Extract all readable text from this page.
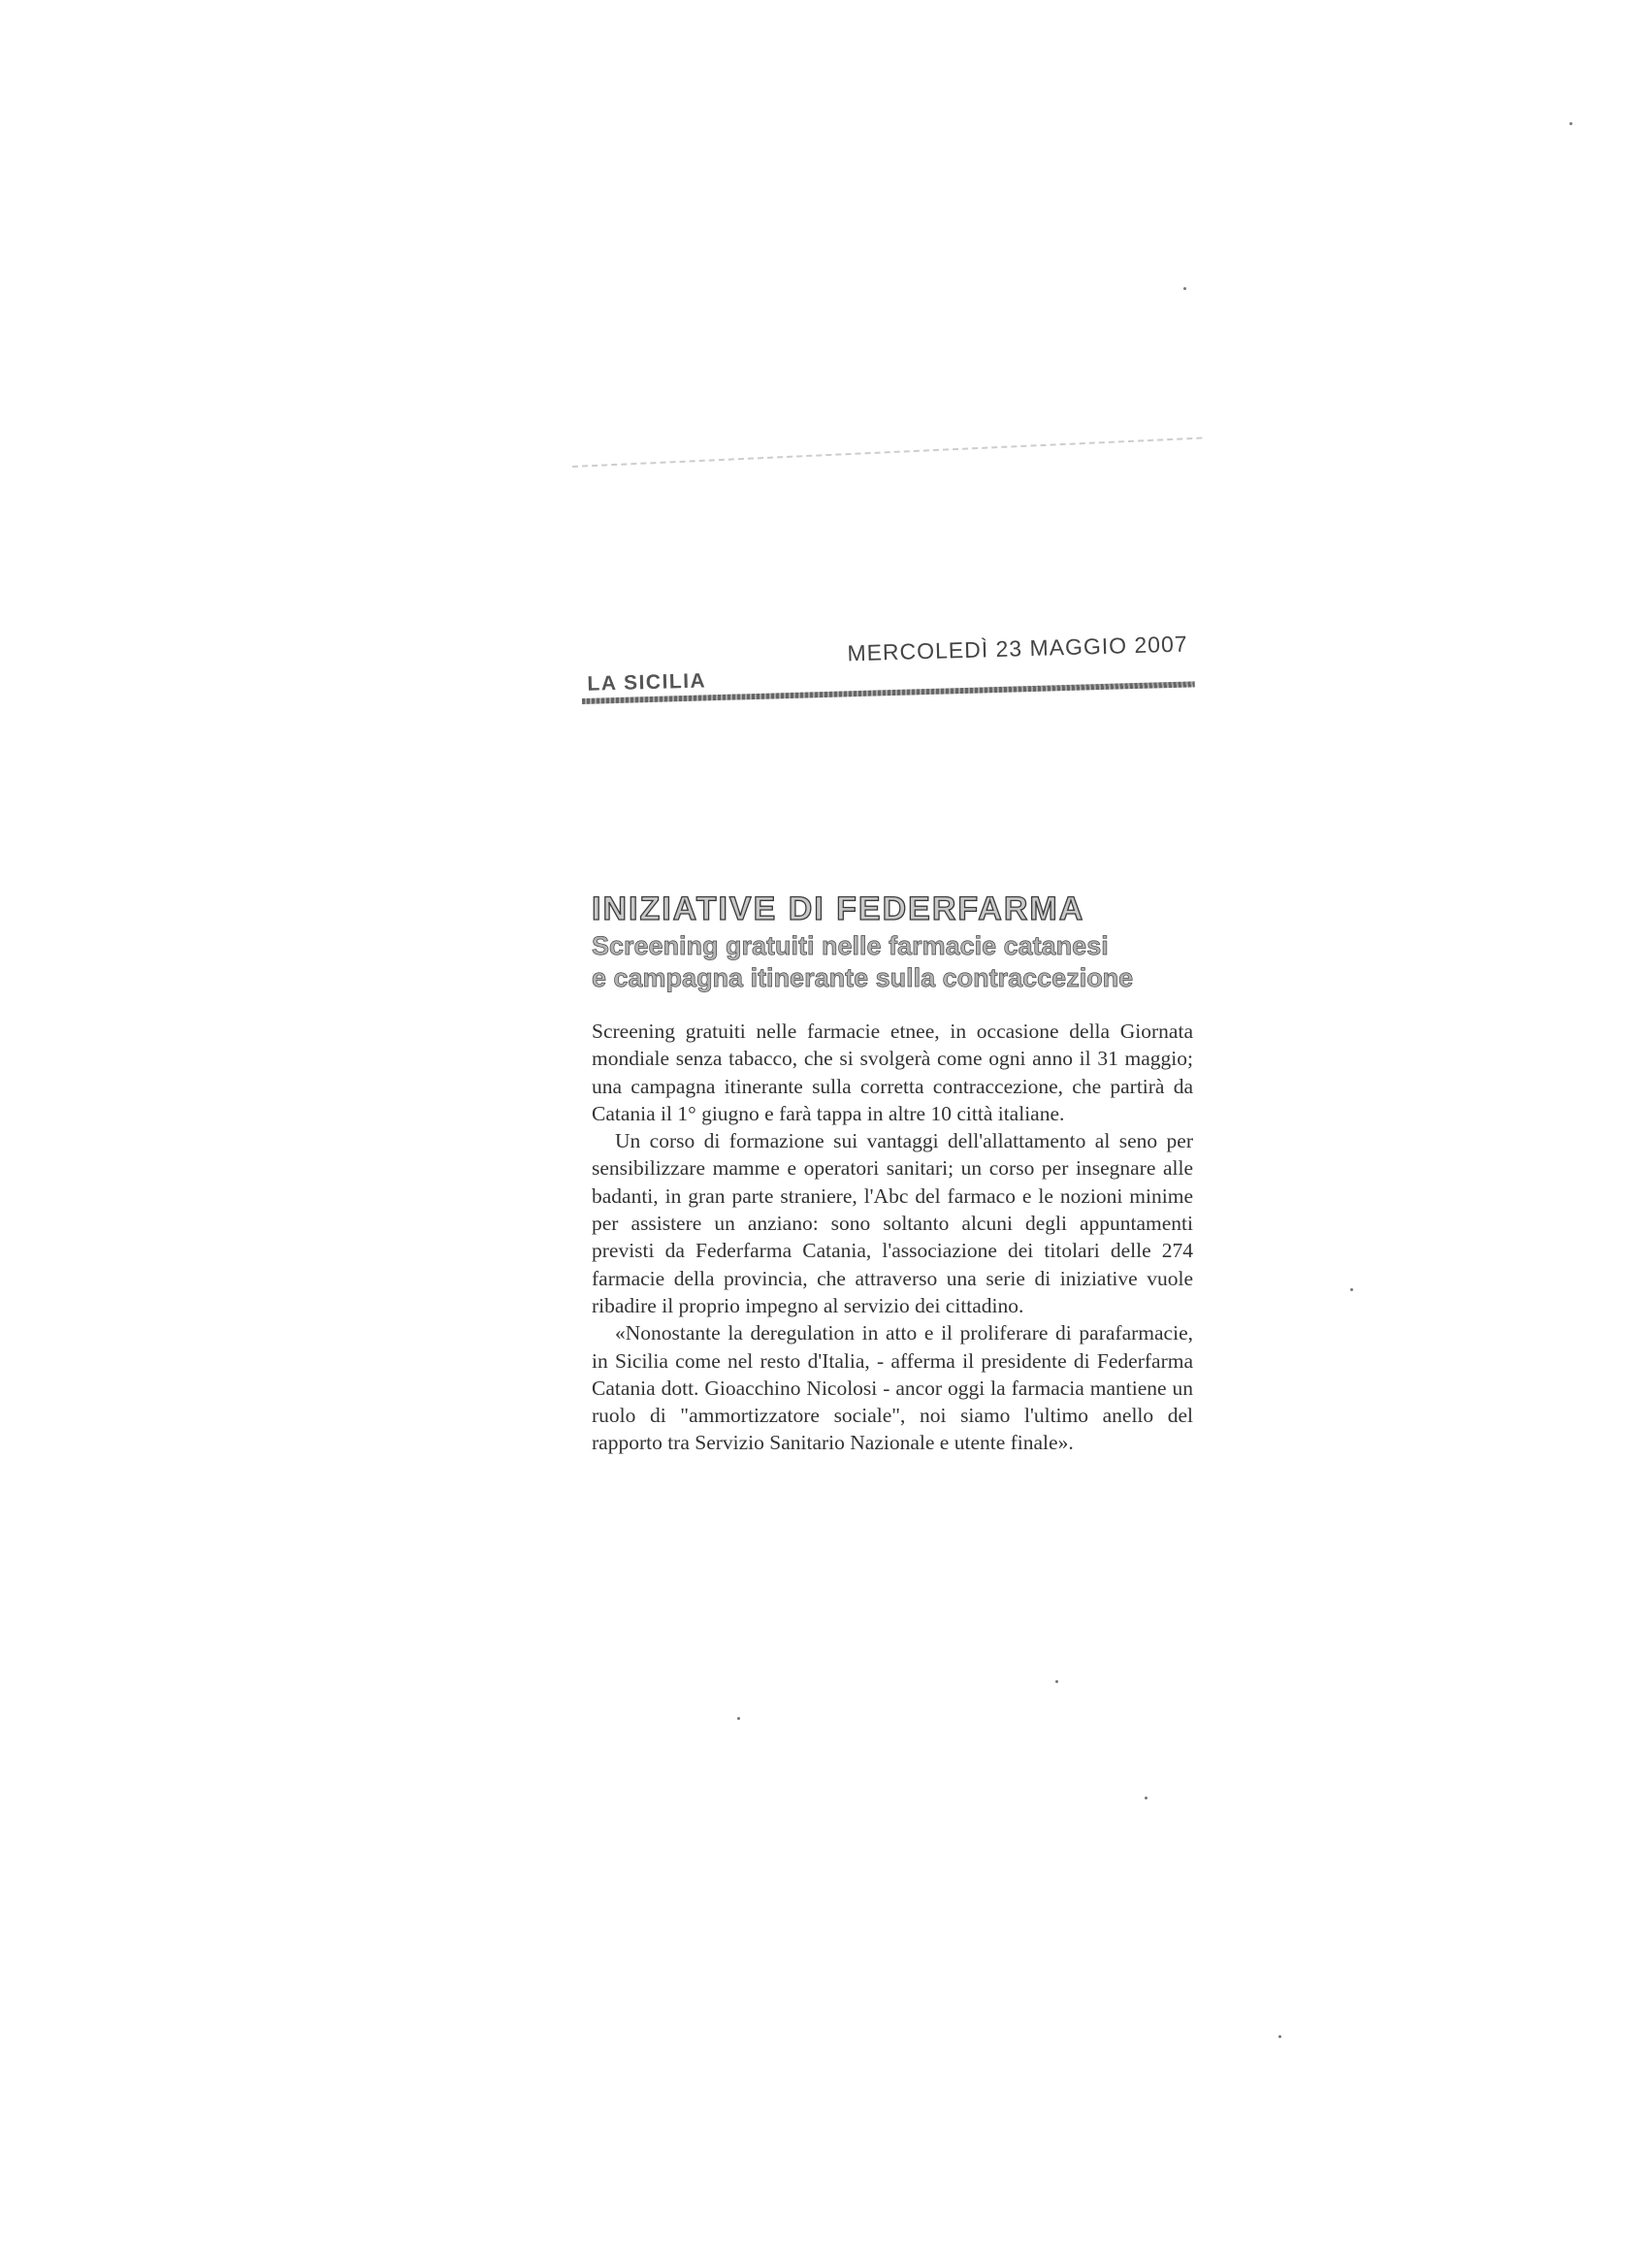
MERCOLEDÌ 23 MAGGIO 2007
LA SICILIA
INIZIATIVE DI FEDERFARMA
Screening gratuiti nelle farmacie catanesi
e campagna itinerante sulla contraccezione

Screening gratuiti nelle farmacie etnee, in occasione della Giornata mondiale senza tabacco, che si svolgerà come ogni anno il 31 maggio; una campagna itinerante sulla corretta contraccezione, che partirà da Catania il 1° giugno e farà tappa in altre 10 città italiane.

Un corso di formazione sui vantaggi dell'allattamento al seno per sensibilizzare mamme e operatori sanitari; un corso per insegnare alle badanti, in gran parte straniere, l'Abc del farmaco e le nozioni minime per assistere un anziano: sono soltanto alcuni degli appuntamenti previsti da Federfarma Catania, l'associazione dei titolari delle 274 farmacie della provincia, che attraverso una serie di iniziative vuole ribadire il proprio impegno al servizio dei cittadino.

«Nonostante la deregulation in atto e il proliferare di parafarmacie, in Sicilia come nel resto d'Italia, - afferma il presidente di Federfarma Catania dott. Gioacchino Nicolosi - ancor oggi la farmacia mantiene un ruolo di "ammortizzatore sociale", noi siamo l'ultimo anello del rapporto tra Servizio Sanitario Nazionale e utente finale».
